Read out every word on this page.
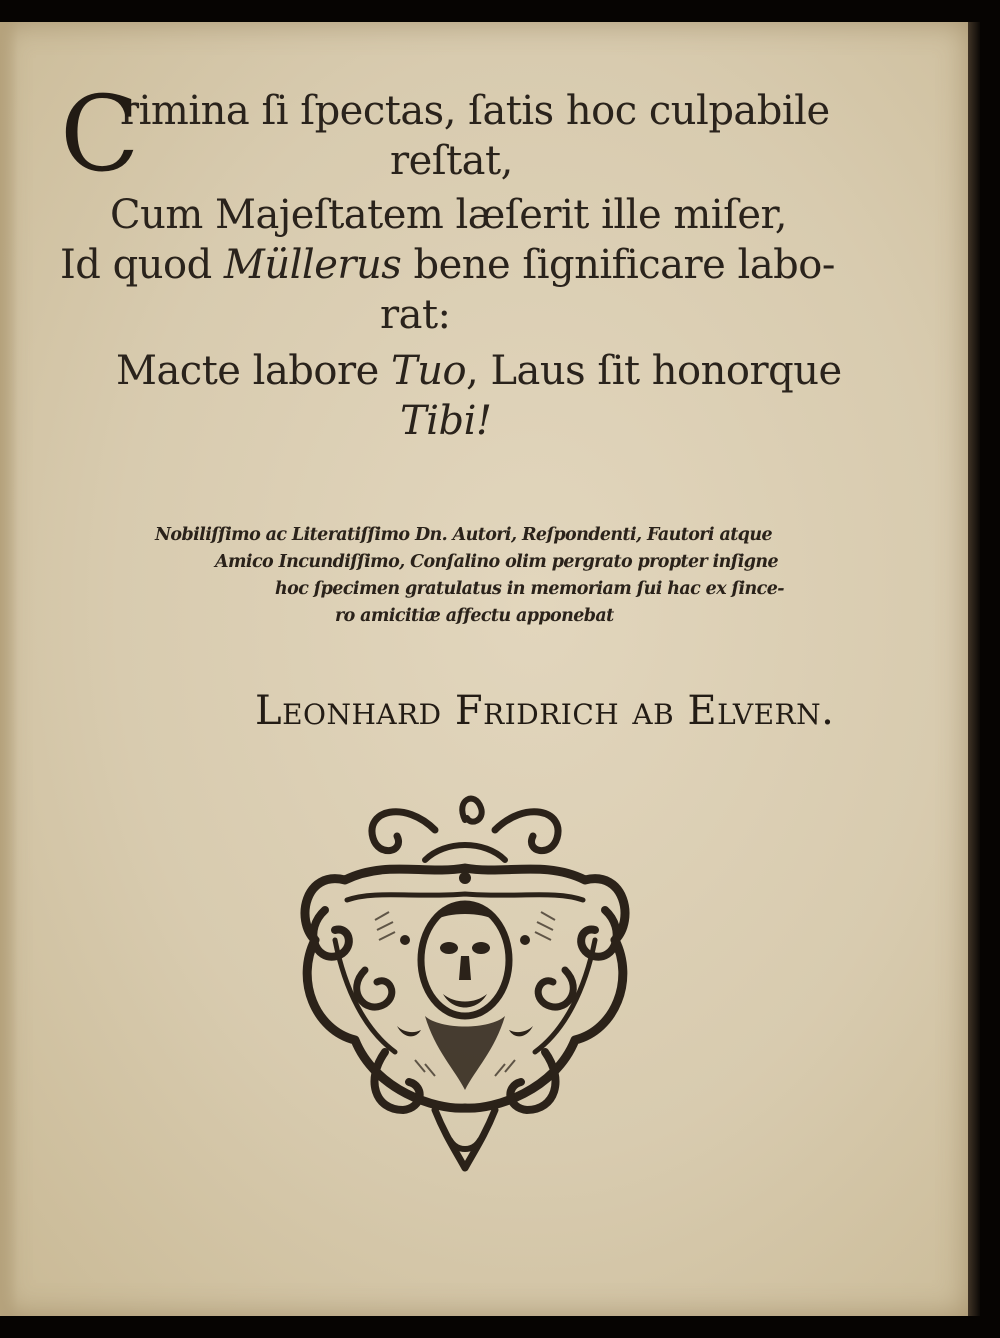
C
rimina ſi ſpectas, ſatis hoc culpabile

reſtat,

Cum Majeſtatem læſerit ille miſer,

Id quod Müllerus bene ſignificare labo-

rat:

Macte labore Tuo, Laus ſit honorque

Tibi!

Nobiliſſimo ac Literatiſſimo Dn. Autori, Reſpondenti, Fautori atque

Amico Incundiſſimo, Conſalino olim pergrato propter inſigne

hoc ſpecimen gratulatus in memoriam ſui hac ex ſince-

ro amicitiæ affectu apponebat

Leonhard Fridrich ab Elvern.
